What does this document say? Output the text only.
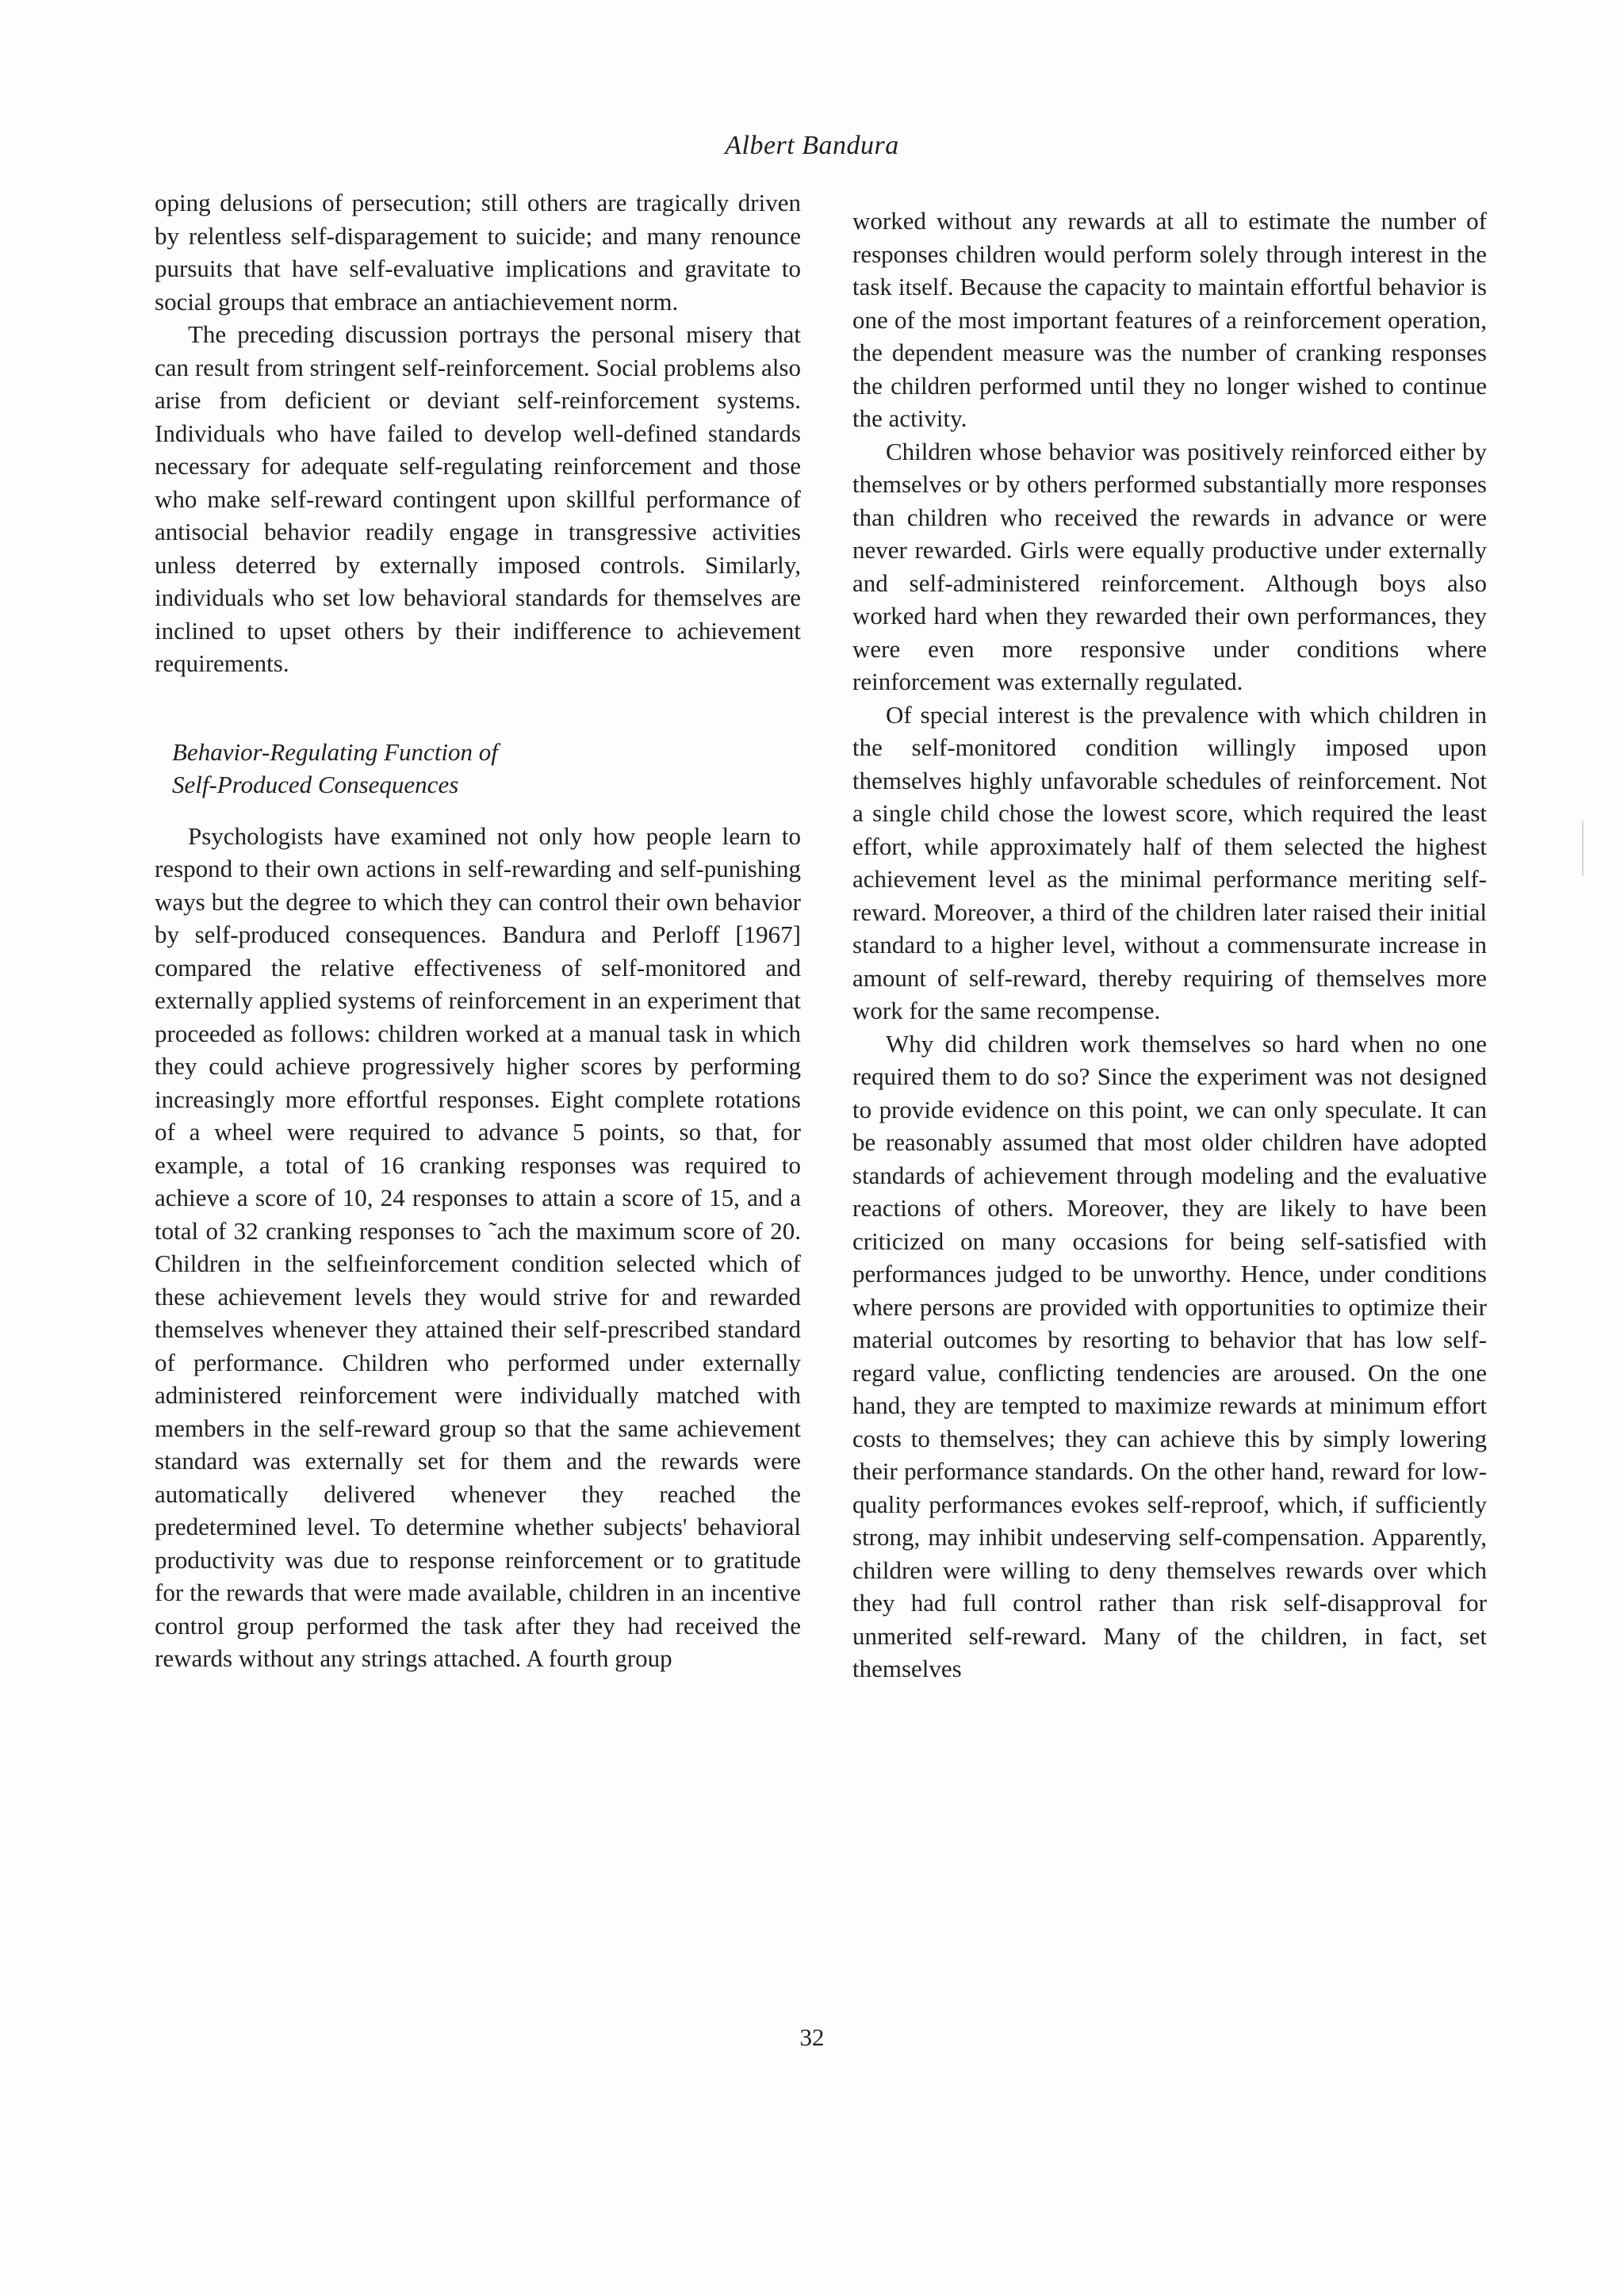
Albert Bandura

oping delusions of persecution; still others are tragically driven by relentless self-disparagement to suicide; and many renounce pursuits that have self-evaluative implications and gravitate to social groups that embrace an antiachievement norm.

The preceding discussion portrays the personal misery that can result from stringent self-reinforcement. Social problems also arise from deficient or deviant self-reinforcement systems. Individuals who have failed to develop well-defined standards necessary for adequate self-regulating reinforcement and those who make self-reward contingent upon skillful performance of antisocial behavior readily engage in transgressive activities unless deterred by externally imposed controls. Similarly, individuals who set low behavioral standards for themselves are inclined to upset others by their indifference to achievement requirements.

Behavior-Regulating Function of
Self-Produced Consequences

Psychologists have examined not only how people learn to respond to their own actions in self-rewarding and self-punishing ways but the degree to which they can control their own behavior by self-produced consequences. Bandura and Perloff [1967] compared the relative effectiveness of self-monitored and externally applied systems of reinforcement in an experiment that proceeded as follows: children worked at a manual task in which they could achieve progressively higher scores by performing increasingly more effortful responses. Eight complete rotations of a wheel were required to advance 5 points, so that, for example, a total of 16 cranking responses was required to achieve a score of 10, 24 responses to attain a score of 15, and a total of 32 cranking responses to ˜ach the maximum score of 20. Children in the selfıeinforcement condition selected which of these achievement levels they would strive for and rewarded themselves whenever they attained their self-prescribed standard of performance. Children who performed under externally administered reinforcement were individually matched with members in the self-reward group so that the same achievement standard was externally set for them and the rewards were automatically delivered whenever they reached the predetermined level. To determine whether subjects' behavioral productivity was due to response reinforcement or to gratitude for the rewards that were made available, children in an incentive control group performed the task after they had received the rewards without any strings attached. A fourth group

worked without any rewards at all to estimate the number of responses children would perform solely through interest in the task itself. Because the capacity to maintain effortful behavior is one of the most important features of a reinforcement operation, the dependent measure was the number of cranking responses the children performed until they no longer wished to continue the activity.

Children whose behavior was positively reinforced either by themselves or by others performed substantially more responses than children who received the rewards in advance or were never rewarded. Girls were equally productive under externally and self-administered reinforcement. Although boys also worked hard when they rewarded their own performances, they were even more responsive under conditions where reinforcement was externally regulated.

Of special interest is the prevalence with which children in the self-monitored condition willingly imposed upon themselves highly unfavorable schedules of reinforcement. Not a single child chose the lowest score, which required the least effort, while approximately half of them selected the highest achievement level as the minimal performance meriting self-reward. Moreover, a third of the children later raised their initial standard to a higher level, without a commensurate increase in amount of self-reward, thereby requiring of themselves more work for the same recompense.

Why did children work themselves so hard when no one required them to do so? Since the experiment was not designed to provide evidence on this point, we can only speculate. It can be reasonably assumed that most older children have adopted standards of achievement through modeling and the evaluative reactions of others. Moreover, they are likely to have been criticized on many occasions for being self-satisfied with performances judged to be unworthy. Hence, under conditions where persons are provided with opportunities to optimize their material outcomes by resorting to behavior that has low self-regard value, conflicting tendencies are aroused. On the one hand, they are tempted to maximize rewards at minimum effort costs to themselves; they can achieve this by simply lowering their performance standards. On the other hand, reward for low-quality performances evokes self-reproof, which, if sufficiently strong, may inhibit undeserving self-compensation. Apparently, children were willing to deny themselves rewards over which they had full control rather than risk self-disapproval for unmerited self-reward. Many of the children, in fact, set themselves

32
